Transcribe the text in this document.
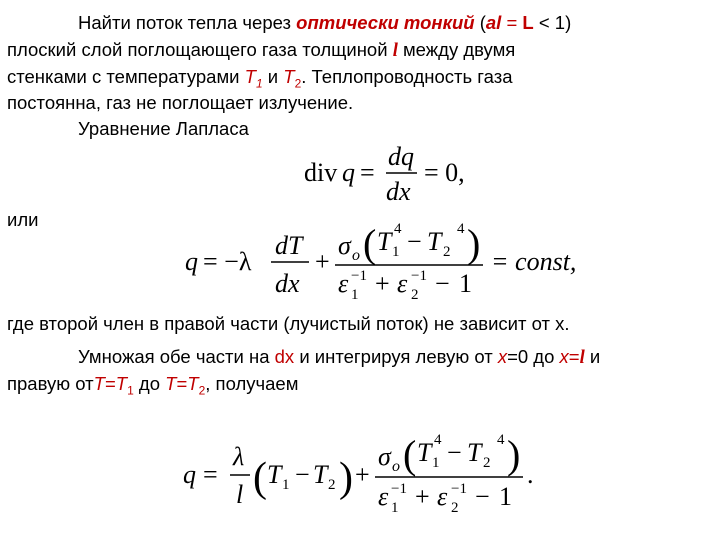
Найти поток тепла через оптически тонкий (al = L < 1)
плоский слой поглощающего газа толщиной l между двумя
стенками с температурами $T_1$ и $T_2$. Теплопроводность газа
постоянна, газ не поглощает излучение.
Уравнение Лапласа
div q =
dq
dx
= 0,
или
q = −λ
dT
dx
+
σ o ( T 4
1 − T 4
2 )
ε −1
1 + ε −1
2 − 1
= const,
где второй член в правой части (лучистый поток) не зависит от x.
Умножая обе части на dx и интегрируя левую от x=0 до x=l и
правую $отT=T_1$ до $T=T_2$, получаем
q =
λ
l ( T 1 − T 2 ) +
σ o ( T 4
1 − T 4
2 )
ε −1
1 + ε −1
2 − 1
.
